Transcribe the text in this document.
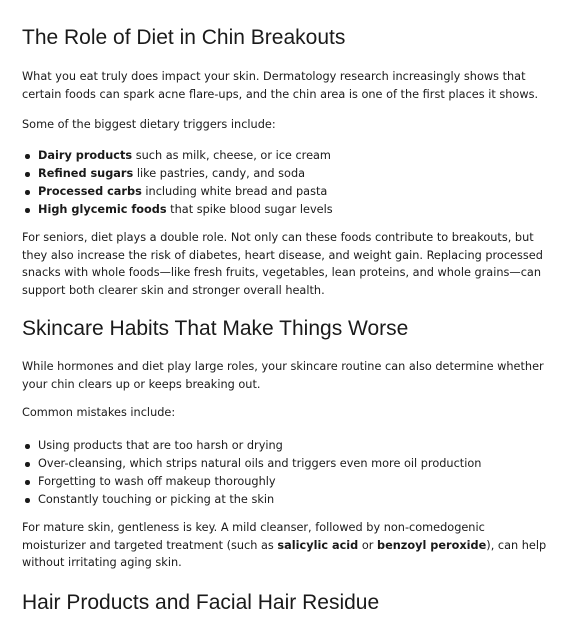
The Role of Diet in Chin Breakouts

What you eat truly does impact your skin. Dermatology research increasingly shows that certain foods can spark acne flare-ups, and the chin area is one of the first places it shows.

Some of the biggest dietary triggers include:

Dairy products such as milk, cheese, or ice cream
Refined sugars like pastries, candy, and soda
Processed carbs including white bread and pasta
High glycemic foods that spike blood sugar levels

For seniors, diet plays a double role. Not only can these foods contribute to breakouts, but they also increase the risk of diabetes, heart disease, and weight gain. Replacing processed snacks with whole foods—like fresh fruits, vegetables, lean proteins, and whole grains—can support both clearer skin and stronger overall health.

Skincare Habits That Make Things Worse

While hormones and diet play large roles, your skincare routine can also determine whether your chin clears up or keeps breaking out.

Common mistakes include:

Using products that are too harsh or drying
Over-cleansing, which strips natural oils and triggers even more oil production
Forgetting to wash off makeup thoroughly
Constantly touching or picking at the skin

For mature skin, gentleness is key. A mild cleanser, followed by non-comedogenic moisturizer and targeted treatment (such as salicylic acid or benzoyl peroxide), can help without irritating aging skin.

Hair Products and Facial Hair Residue
